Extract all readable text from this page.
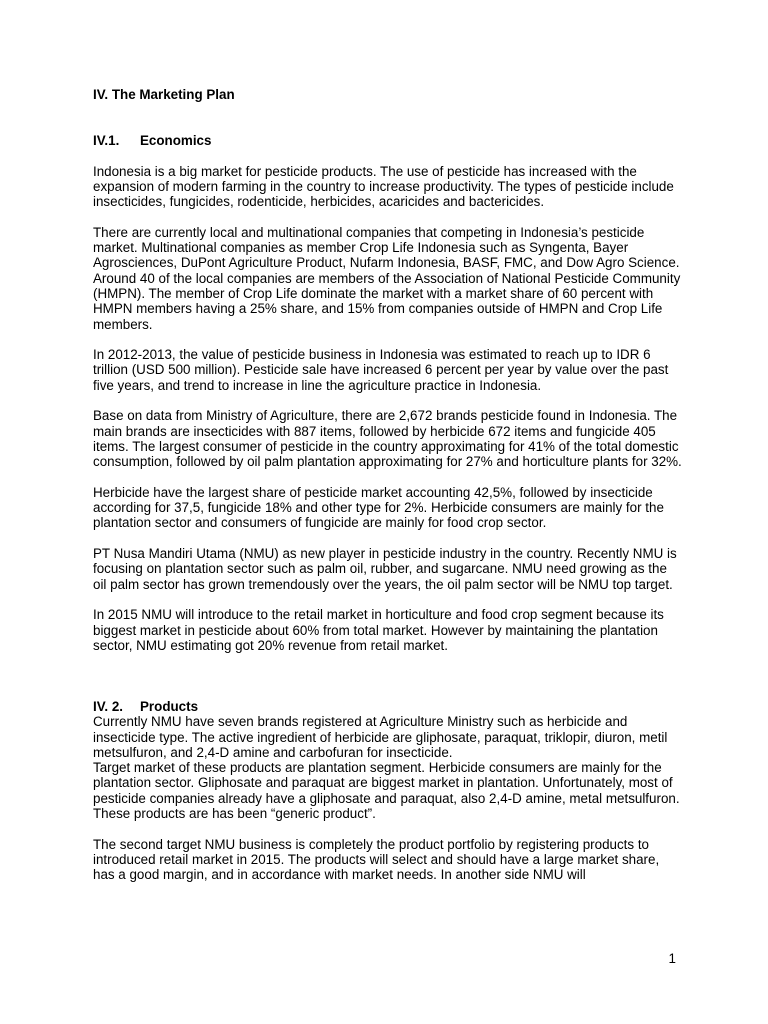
IV. The Marketing Plan
IV.1. Economics

Indonesia is a big market for pesticide products. The use of pesticide has increased with the expansion of modern farming in the country to increase productivity. The types of pesticide include insecticides, fungicides, rodenticide, herbicides, acaricides and bactericides.

There are currently local and multinational companies that competing in Indonesia’s pesticide market. Multinational companies as member Crop Life Indonesia such as Syngenta, Bayer Agrosciences, DuPont Agriculture Product, Nufarm Indonesia, BASF, FMC, and Dow Agro Science. Around 40 of the local companies are members of the Association of National Pesticide Community (HMPN). The member of Crop Life dominate the market with a market share of 60 percent with HMPN members having a 25% share, and 15% from companies outside of HMPN and Crop Life members.

In 2012-2013, the value of pesticide business in Indonesia was estimated to reach up to IDR 6 trillion (USD 500 million). Pesticide sale have increased 6 percent per year by value over the past five years, and trend to increase in line the agriculture practice in Indonesia.

Base on data from Ministry of Agriculture, there are 2,672 brands pesticide found in Indonesia. The main brands are insecticides with 887 items, followed by herbicide 672 items and fungicide 405 items. The largest consumer of pesticide in the country approximating for 41% of the total domestic consumption, followed by oil palm plantation approximating for 27% and horticulture plants for 32%.

Herbicide have the largest share of pesticide market accounting 42,5%, followed by insecticide according for 37,5, fungicide 18% and other type for 2%. Herbicide consumers are mainly for the plantation sector and consumers of fungicide are mainly for food crop sector.

PT Nusa Mandiri Utama (NMU) as new player in pesticide industry in the country. Recently NMU is focusing on plantation sector such as palm oil, rubber, and sugarcane. NMU need growing as the oil palm sector has grown tremendously over the years, the oil palm sector will be NMU top target.

In 2015 NMU will introduce to the retail market in horticulture and food crop segment because its biggest market in pesticide about 60% from total market. However by maintaining the plantation sector, NMU estimating got 20% revenue from retail market.

IV. 2. Products

Currently NMU have seven brands registered at Agriculture Ministry such as herbicide and insecticide type. The active ingredient of herbicide are gliphosate, paraquat, triklopir, diuron, metil metsulfuron, and 2,4-D amine and carbofuran for insecticide.

Target market of these products are plantation segment. Herbicide consumers are mainly for the plantation sector. Gliphosate and paraquat are biggest market in plantation. Unfortunately, most of pesticide companies already have a gliphosate and paraquat, also 2,4-D amine, metal metsulfuron. These products are has been “generic product”.

The second target NMU business is completely the product portfolio by registering products to introduced retail market in 2015. The products will select and should have a large market share, has a good margin, and in accordance with market needs. In another side NMU will

1
